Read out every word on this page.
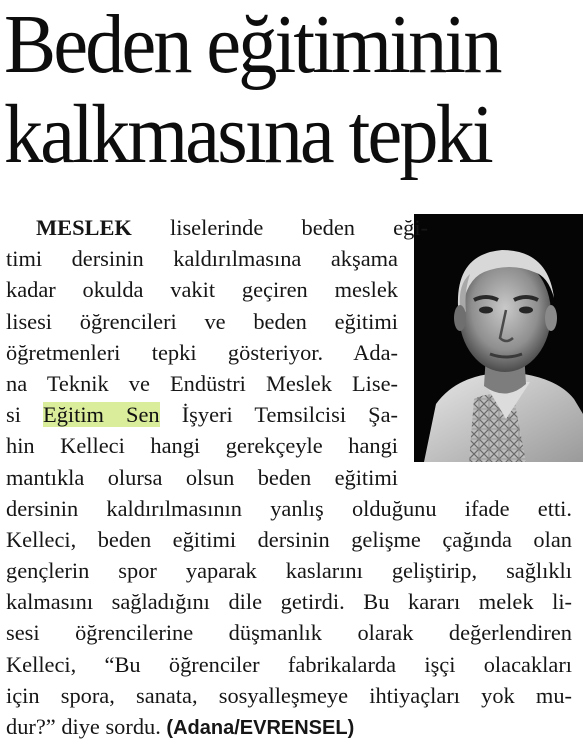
Beden eğitiminin
kalkmasına tepki
MESLEK liselerinde beden eği-
timi dersinin kaldırılmasına akşama
kadar okulda vakit geçiren meslek
lisesi öğrencileri ve beden eğitimi
öğretmenleri tepki gösteriyor. Ada-
na Teknik ve Endüstri Meslek Lise-
si Eğitim Sen İşyeri Temsilcisi Şa-
hin Kelleci hangi gerekçeyle hangi
mantıkla olursa olsun beden eğitimi
dersinin kaldırılmasının yanlış olduğunu ifade etti.
Kelleci, beden eğitimi dersinin gelişme çağında olan
gençlerin spor yaparak kaslarını geliştirip, sağlıklı
kalmasını sağladığını dile getirdi. Bu kararı melek li-
sesi öğrencilerine düşmanlık olarak değerlendiren
Kelleci, “Bu öğrenciler fabrikalarda işçi olacakları
için spora, sanata, sosyalleşmeye ihtiyaçları yok mu-
dur?” diye sordu. (Adana/EVRENSEL)
